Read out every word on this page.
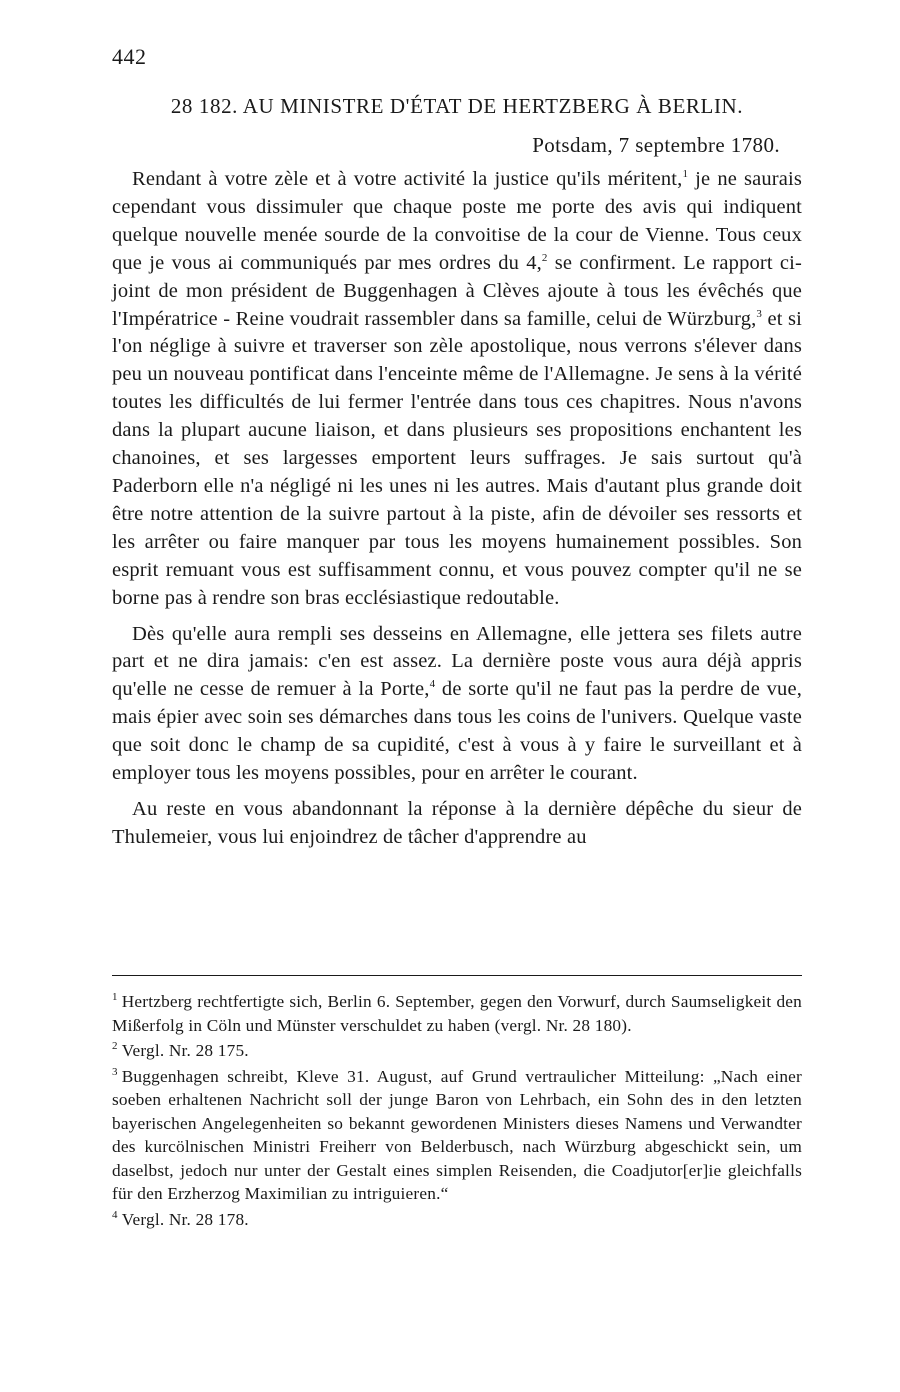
442
28 182. AU MINISTRE D'ÉTAT DE HERTZBERG À BERLIN.
Potsdam, 7 septembre 1780.

Rendant à votre zèle et à votre activité la justice qu'ils méritent,$^1$ je ne saurais cependant vous dissimuler que chaque poste me porte des avis qui indiquent quelque nouvelle menée sourde de la convoitise de la cour de Vienne. Tous ceux que je vous ai communiqués par mes ordres du 4,$^2$ se confirment. Le rapport ci-joint de mon président de Buggenhagen à Clèves ajoute à tous les évêchés que l'Impératrice - Reine voudrait rassembler dans sa famille, celui de Würzburg,$^3$ et si l'on néglige à suivre et traverser son zèle apostolique, nous verrons s'élever dans peu un nouveau pontificat dans l'enceinte même de l'Allemagne. Je sens à la vérité toutes les difficultés de lui fermer l'entrée dans tous ces chapitres. Nous n'avons dans la plupart aucune liaison, et dans plusieurs ses propositions enchantent les chanoines, et ses largesses emportent leurs suffrages. Je sais surtout qu'à Paderborn elle n'a négligé ni les unes ni les autres. Mais d'autant plus grande doit être notre attention de la suivre partout à la piste, afin de dévoiler ses ressorts et les arrêter ou faire manquer par tous les moyens humainement possibles. Son esprit remuant vous est suffisamment connu, et vous pouvez compter qu'il ne se borne pas à rendre son bras ecclésiastique redoutable.

Dès qu'elle aura rempli ses desseins en Allemagne, elle jettera ses filets autre part et ne dira jamais: c'en est assez. La dernière poste vous aura déjà appris qu'elle ne cesse de remuer à la Porte,$^4$ de sorte qu'il ne faut pas la perdre de vue, mais épier avec soin ses démarches dans tous les coins de l'univers. Quelque vaste que soit donc le champ de sa cupidité, c'est à vous à y faire le surveillant et à employer tous les moyens possibles, pour en arrêter le courant.

Au reste en vous abandonnant la réponse à la dernière dépêche du sieur de Thulemeier, vous lui enjoindrez de tâcher d'apprendre au

$^1$ Hertzberg rechtfertigte sich, Berlin 6. September, gegen den Vorwurf, durch Saumseligkeit den Mißerfolg in Cöln und Münster verschuldet zu haben (vergl. Nr. 28 180).

$^2$ Vergl. Nr. 28 175.

$^3$ Buggenhagen schreibt, Kleve 31. August, auf Grund vertraulicher Mitteilung: „Nach einer soeben erhaltenen Nachricht soll der junge Baron von Lehrbach, ein Sohn des in den letzten bayerischen Angelegenheiten so bekannt gewordenen Ministers dieses Namens und Verwandter des kurcölnischen Ministri Freiherr von Belderbusch, nach Würzburg abgeschickt sein, um daselbst, jedoch nur unter der Gestalt eines simplen Reisenden, die Coadjutor[er]ie gleichfalls für den Erzherzog Maximilian zu intriguieren.“

$^4$ Vergl. Nr. 28 178.
